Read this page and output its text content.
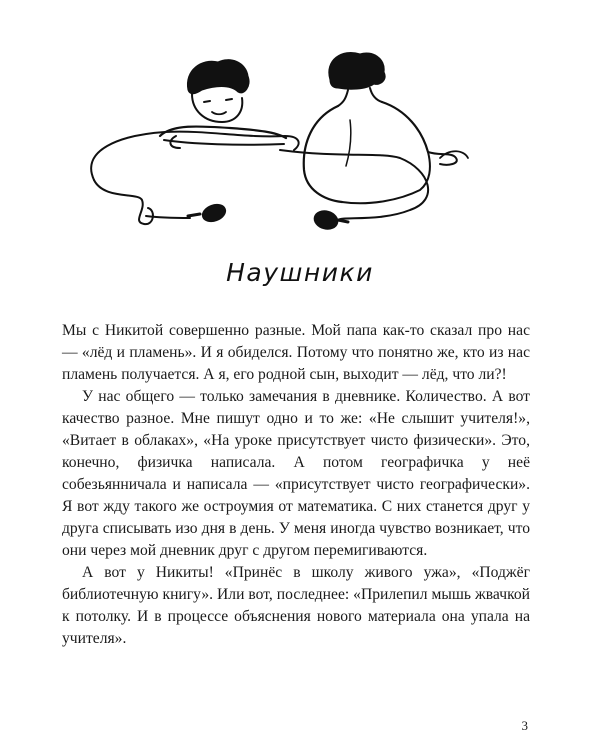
Наушники

Мы с Никитой совершенно разные. Мой папа как-то сказал про нас — «лёд и пламень». И я обиделся. Потому что понятно же, кто из нас пламень получается. А я, его родной сын, выходит — лёд, что ли?!

У нас общего — только замечания в дневнике. Количество. А вот качество разное. Мне пишут одно и то же: «Не слышит учителя!», «Витает в облаках», «На уроке присутствует чисто физически». Это, конечно, физичка написала. А потом географичка у неё собезьянничала и написала — «присутствует чисто географически». Я вот жду такого же остроумия от математика. С них станется друг у друга списывать изо дня в день. У меня иногда чувство возникает, что они через мой дневник друг с другом перемигиваются.

А вот у Никиты! «Принёс в школу живого ужа», «Поджёг библиотечную книгу». Или вот, последнее: «Прилепил мышь жвачкой к потолку. И в процессе объяснения нового материала она упала на учителя».

3
